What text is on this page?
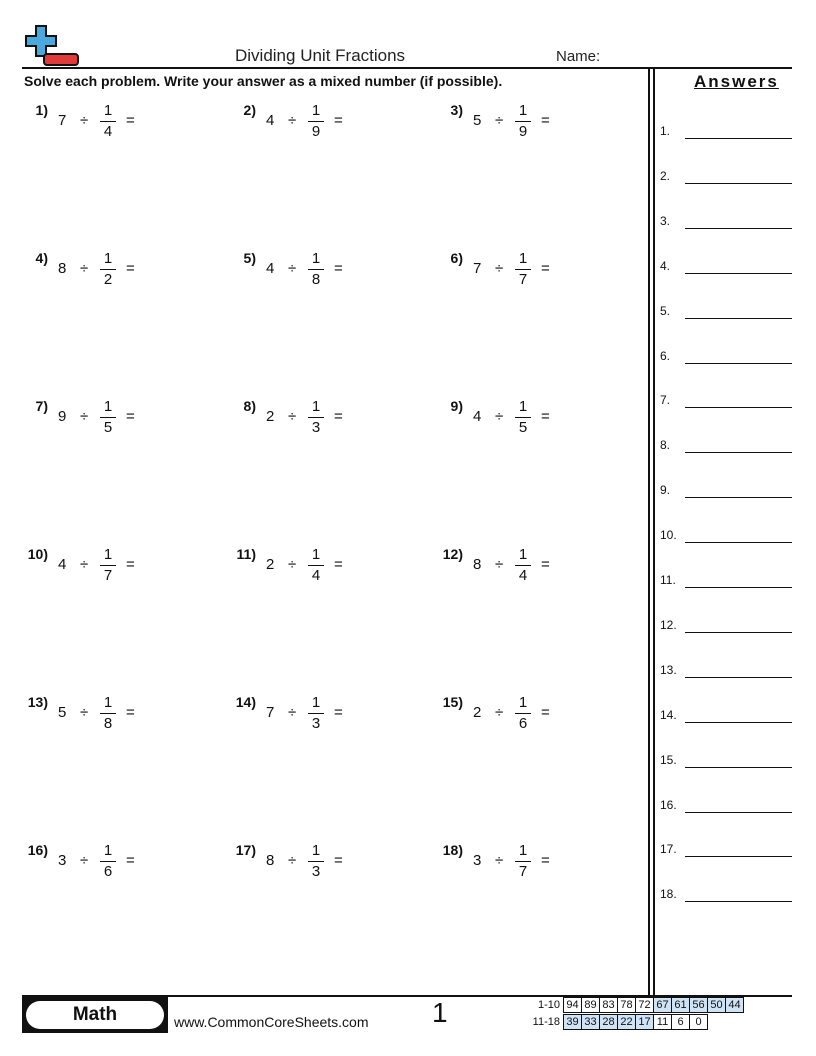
Dividing Unit Fractions	Name:
Solve each problem. Write your answer as a mixed number (if possible).	Answers
1)
7 ÷
1
4
=
2)
4 ÷
1
9
=
3)
5 ÷
1
9
=
4)
8 ÷
1
2
=
5)
4 ÷
1
8
=
6)
7 ÷
1
7
=
7)
9 ÷
1
5
=
8)
2 ÷
1
3
=
9)
4 ÷
1
5
=
10)
4 ÷
1
7
=
11)
2 ÷
1
4
=
12)
8 ÷
1
4
=
13)
5 ÷
1
8
=
14)
7 ÷
1
3
=
15)
2 ÷
1
6
=
16)
3 ÷
1
6
=
17)
8 ÷
1
3
=
18)
3 ÷
1
7
=
1.
2.
3.
4.
5.
6.
7.
8.
9.
10.
11.
12.
13.
14.
15.
16.
17.
18.
Math	www.CommonCoreSheets.com 1	1-10	94	89	83	78	72	67	61	56	50	44
11-18	39	33	28	22	17	11	6	0
